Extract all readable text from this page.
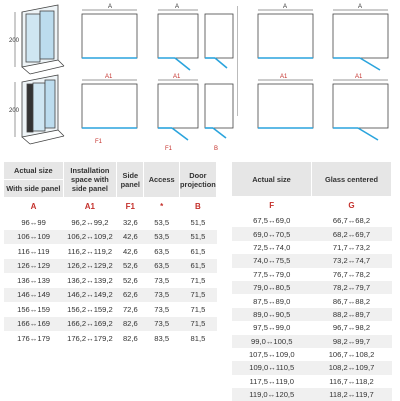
200
200
A	A
A1
F1
A1
F1	B
A	A
A1	A1
Actual size	Installation space with side panel	Side panel	Access	Door projection
With side panel				
A	A1	F1	*	B
96↔99	96,2↔99,2	32,6	53,5	51,5
106↔109	106,2↔109,2	42,6	53,5	51,5
116↔119	116,2↔119,2	42,6	63,5	61,5
126↔129	126,2↔129,2	52,6	63,5	61,5
136↔139	136,2↔139,2	52,6	73,5	71,5
146↔149	146,2↔149,2	62,6	73,5	71,5
156↔159	156,2↔159,2	72,6	73,5	71,5
166↔169	166,2↔169,2	82,6	73,5	71,5
176↔179	176,2↔179,2	82,6	83,5	81,5
Actual size	Glass centered
F	G
67,5↔69,0	66,7↔68,2
69,0↔70,5	68,2↔69,7
72,5↔74,0	71,7↔73,2
74,0↔75,5	73,2↔74,7
77,5↔79,0	76,7↔78,2
79,0↔80,5	78,2↔79,7
87,5↔89,0	86,7↔88,2
89,0↔90,5	88,2↔89,7
97,5↔99,0	96,7↔98,2
99,0↔100,5	98,2↔99,7
107,5↔109,0	106,7↔108,2
109,0↔110,5	108,2↔109,7
117,5↔119,0	116,7↔118,2
119,0↔120,5	118,2↔119,7
